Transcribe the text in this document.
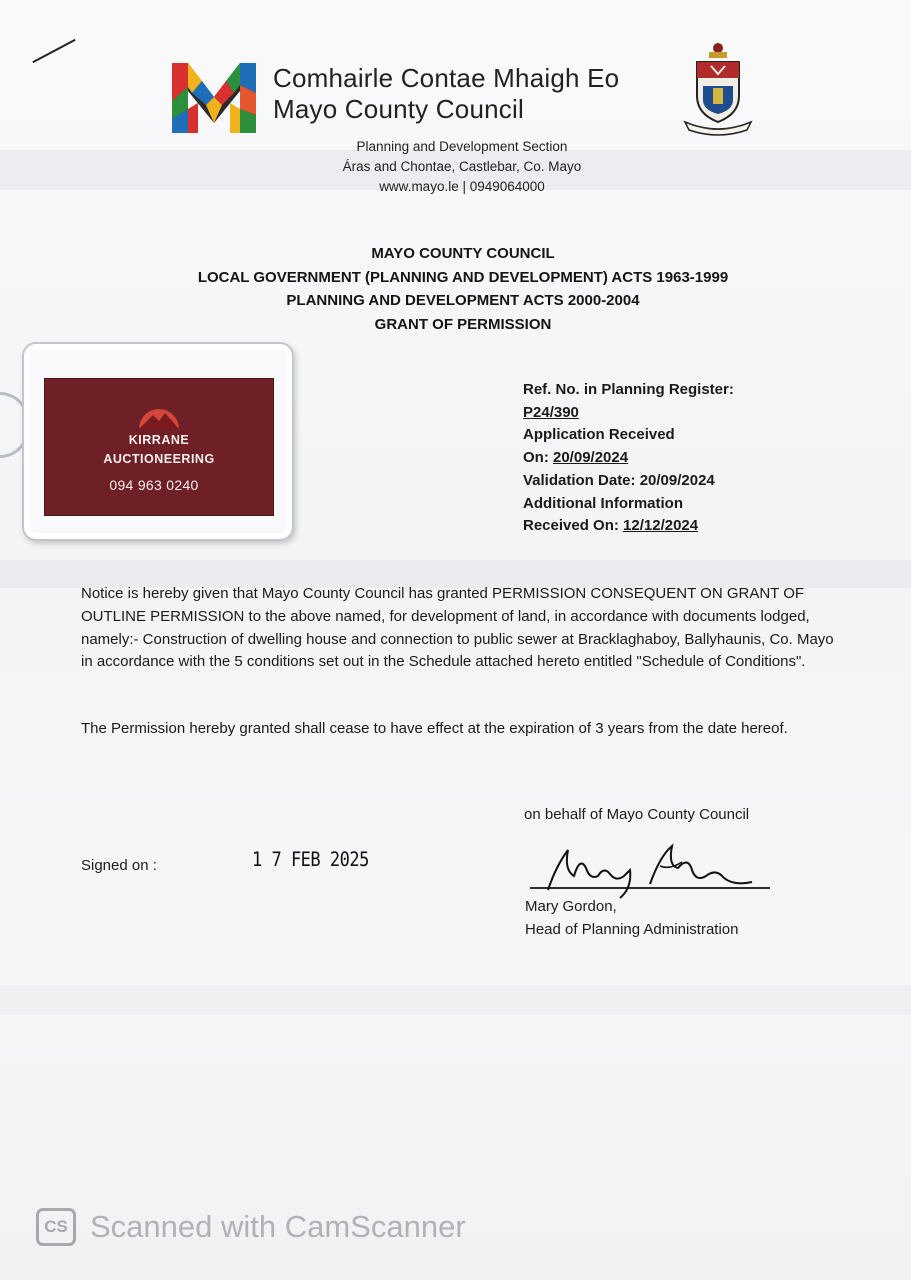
Comhairle Contae Mhaigh Eo
Mayo County Council
Planning and Development Section
Áras and Chontae, Castlebar, Co. Mayo
www.mayo.le | 0949064000
MAYO COUNTY COUNCIL
LOCAL GOVERNMENT (PLANNING AND DEVELOPMENT) ACTS 1963-1999
PLANNING AND DEVELOPMENT ACTS 2000-2004
GRANT OF PERMISSION
KIRRANE
AUCTIONEERING
094 963 0240
Ref. No. in Planning Register:
P24/390
Application Received
On: 20/09/2024
Validation Date: 20/09/2024
Additional Information
Received On: 12/12/2024
Notice is hereby given that Mayo County Council has granted PERMISSION CONSEQUENT ON GRANT OF OUTLINE PERMISSION to the above named, for development of land, in accordance with documents lodged, namely:- Construction of dwelling house and connection to public sewer at Bracklaghaboy, Ballyhaunis, Co. Mayo in accordance with the 5 conditions set out in the Schedule attached hereto entitled "Schedule of Conditions".
The Permission hereby granted shall cease to have effect at the expiration of 3 years from the date hereof.
on behalf of Mayo County Council
Signed on :	1 7 FEB 2025
Mary Gordon,
Head of Planning Administration
CS Scanned with CamScanner
